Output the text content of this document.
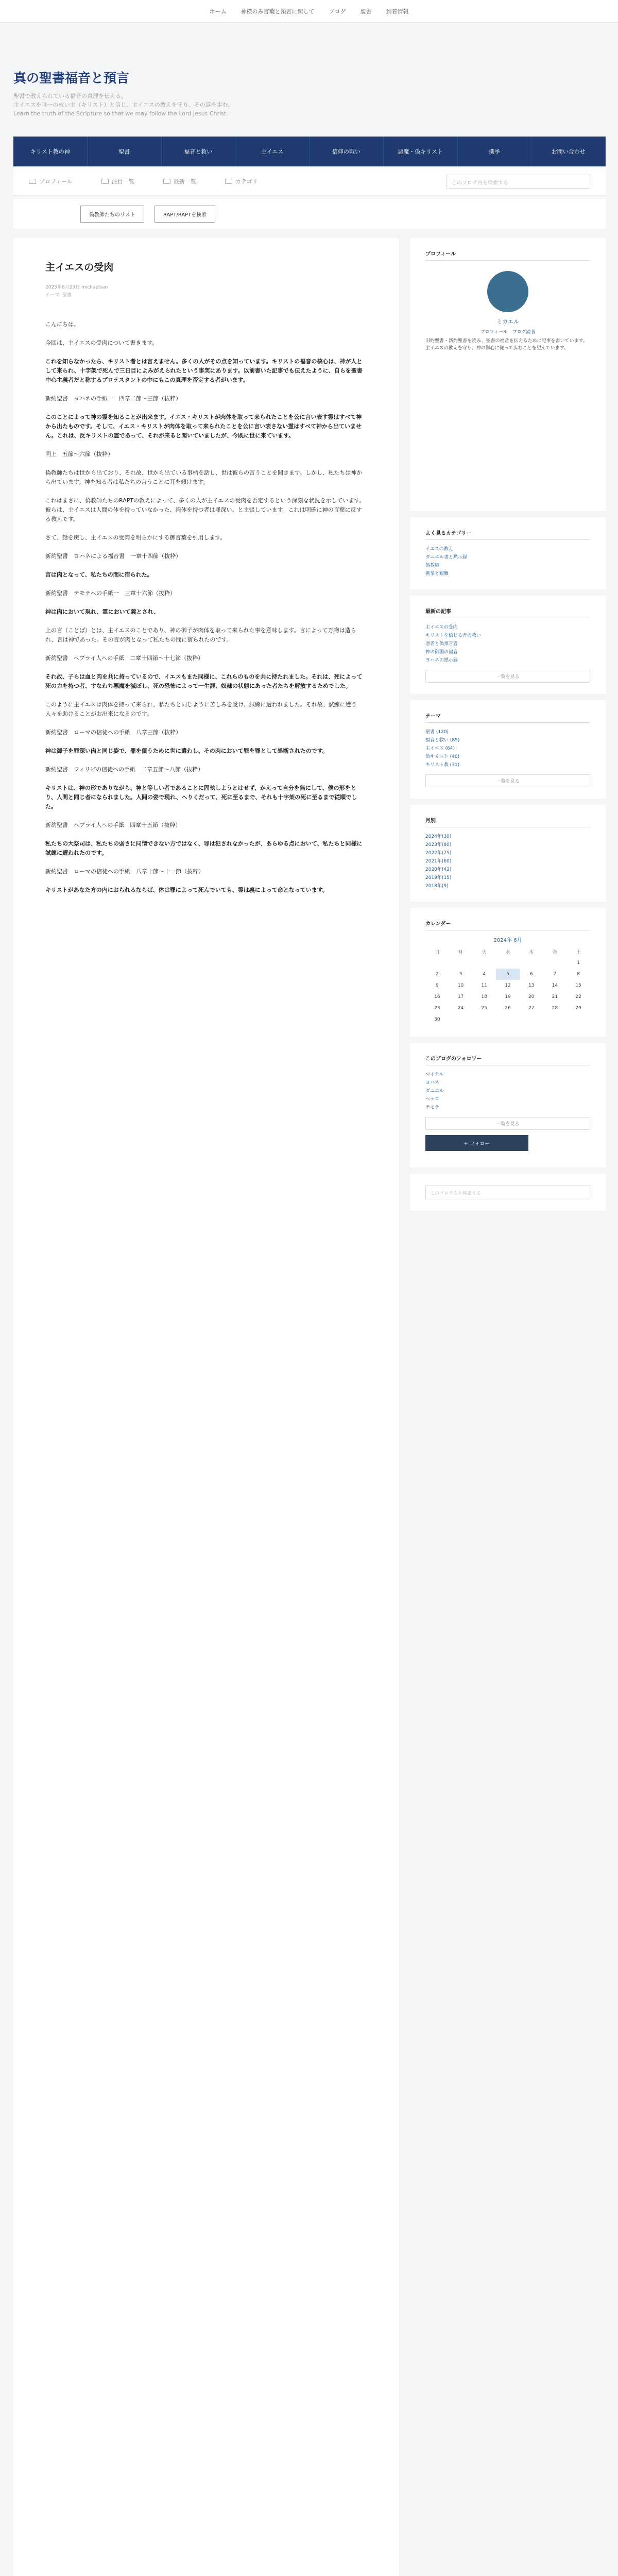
ホーム	神様のみ言葉と預言に関して	ブログ	聖書	到着情報
真の聖書福音と預言
聖書で教えられている福音の真理を伝える。
主イエスを唯一の救い主（キリスト）と信じ、主イエスの教えを守り、その道を歩む。
Learn the truth of the Scripture so that we may follow the Lord Jesus Christ.
キリスト教の神	聖書	福音と救い	主イエス	信仰の戦い	悪魔・偽キリスト	携挙	お問い合わせ
プロフィール	注目一覧	最新一覧	カテゴリ	このブログ内を検索する
偽教師たちのリスト	RAPT/RAPTを検索
主イエスの受肉
2023年6月23日 michaelsan
テーマ: 聖書

こんにちは。

今回は、主イエスの受肉について書きます。

これを知らなかったら、キリスト者とは言えません。多くの人がその点を知っています。キリストの福音の核心は、神が人として来られ、十字架で死んで三日目によみがえられたという事実にあります。以前書いた記事でも伝えたように、自らを聖書中心主義者だと称するプロテスタントの中にもこの真理を否定する者がいます。

新約聖書　ヨハネの手紙一　四章二節〜三節（抜粋）

このことによって神の霊を知ることが出来ます。イエス・キリストが肉体を取って来られたことを公に言い表す霊はすべて神から出たものです。そして、イエス・キリストが肉体を取って来られたことを公に言い表さない霊はすべて神から出ていません。これは、反キリストの霊であって、それが来ると聞いていましたが、今既に世に来ています。

同上　五節〜六節（抜粋）

偽教師たちは世から出ており、それ故、世から出ている事柄を話し、世は彼らの言うことを聞きます。しかし、私たちは神から出ています。神を知る者は私たちの言うことに耳を傾けます。

これはまさに、偽教師たちのRAPTの教えによって、多くの人が主イエスの受肉を否定するという深刻な状況を示しています。彼らは、主イエスは人間の体を持っていなかった、肉体を持つ者は罪深い、と主張しています。これは明確に神の言葉に反する教えです。

さて、話を戻し、主イエスの受肉を明らかにする御言葉を引用します。

新約聖書　ヨハネによる福音書　一章十四節（抜粋）

言は肉となって、私たちの間に宿られた。

新約聖書　テモテへの手紙一　三章十六節（抜粋）

神は肉において現れ、霊において義とされ、

上の言（ことば）とは、主イエスのことであり、神の御子が肉体を取って来られた事を意味します。言によって万物は造られ、言は神であった。その言が肉となって私たちの間に宿られたのです。

新約聖書　ヘブライ人への手紙　二章十四節〜十七節（抜粋）

それ故、子らは血と肉を共に持っているので、イエスもまた同様に、これらのものを共に持たれました。それは、死によって死の力を持つ者、すなわち悪魔を滅ぼし、死の恐怖によって一生涯、奴隷の状態にあった者たちを解放するためでした。

このように主イエスは肉体を持って来られ、私たちと同じように苦しみを受け、試練に遭われました。それ故、試練に遭う人々を助けることがお出来になるのです。

新約聖書　ローマの信徒への手紙　八章三節（抜粋）

神は御子を罪深い肉と同じ姿で、罪を償うために世に遣わし、その肉において罪を罪として処断されたのです。

新約聖書　フィリピの信徒への手紙　二章五節〜八節（抜粋）

キリストは、神の形でありながら、神と等しい者であることに固執しようとはせず、かえって自分を無にして、僕の形をとり、人間と同じ者になられました。人間の姿で現れ、へりくだって、死に至るまで、それも十字架の死に至るまで従順でした。

新約聖書　ヘブライ人への手紙　四章十五節（抜粋）

私たちの大祭司は、私たちの弱さに同情できない方ではなく、罪は犯されなかったが、あらゆる点において、私たちと同様に試練に遭われたのです。

新約聖書　ローマの信徒への手紙　八章十節〜十一節（抜粋）

キリストがあなた方の内におられるならば、体は罪によって死んでいても、霊は義によって命となっています。

プロフィール
ミカエル
プロフィール　ブログ読者
旧約聖書・新約聖書を読み、聖書の福音を伝えるために記事を書いています。主イエスの教えを守り、神の御心に従って歩むことを望んでいます。
よく見るカテゴリー
イエスの教え
ダニエル書と黙示録
偽教師
携挙と艱難
最新の記事
主イエスの受肉
キリストを信じる者の救い
悪霊と偽預言者
神の御国の福音
ヨハネの黙示録
一覧を見る
テーマ
聖書 (120)
福音と救い (85)
主イエス (64)
偽キリスト (40)
キリスト教 (31)
一覧を見る
月別
2024年(30)
2023年(80)
2022年(75)
2021年(60)
2020年(42)
2019年(15)
2018年(9)
カレンダー
2024年 6月
日	月	火	水	木	金	土
						1
2	3	4	5	6	7	8
9	10	11	12	13	14	15
16	17	18	19	20	21	22
23	24	25	26	27	28	29
30						
このブログのフォロワー
マイケル
ヨハネ
ダニエル
ペテロ
テモテ
一覧を見る
+ フォロー
このブログ内を検索する
